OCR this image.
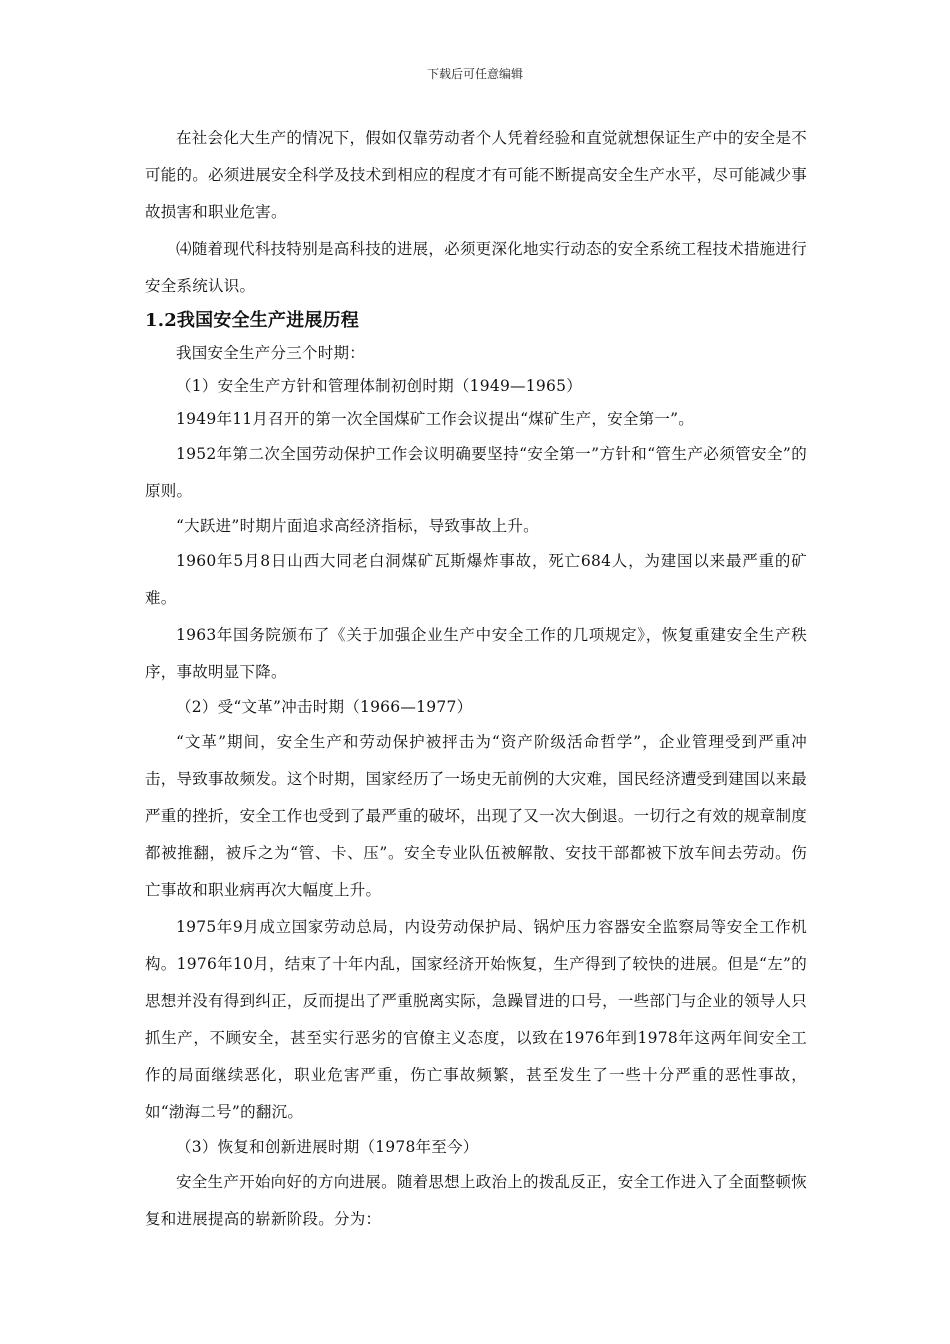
下载后可任意编辑

在社会化大生产的情况下，假如仅靠劳动者个人凭着经验和直觉就想保证生产中的安全是不可能的。必须进展安全科学及技术到相应的程度才有可能不断提高安全生产水平，尽可能减少事故损害和职业危害。

⑷随着现代科技特别是高科技的进展，必须更深化地实行动态的安全系统工程技术措施进行安全系统认识。

1.2我国安全生产进展历程

我国安全生产分三个时期：

（1）安全生产方针和管理体制初创时期（1949—1965）

1949年11月召开的第一次全国煤矿工作会议提出“煤矿生产，安全第一”。

1952年第二次全国劳动保护工作会议明确要坚持“安全第一”方针和“管生产必须管安全”的原则。

“大跃进”时期片面追求高经济指标，导致事故上升。

1960年5月8日山西大同老白洞煤矿瓦斯爆炸事故，死亡684人，为建国以来最严重的矿难。

1963年国务院颁布了《关于加强企业生产中安全工作的几项规定》，恢复重建安全生产秩序，事故明显下降。

（2）受“文革”冲击时期（1966—1977）

“文革”期间，安全生产和劳动保护被抨击为“资产阶级活命哲学”，企业管理受到严重冲击，导致事故频发。这个时期，国家经历了一场史无前例的大灾难，国民经济遭受到建国以来最严重的挫折，安全工作也受到了最严重的破坏，出现了又一次大倒退。一切行之有效的规章制度都被推翻，被斥之为“管、卡、压”。安全专业队伍被解散、安技干部都被下放车间去劳动。伤亡事故和职业病再次大幅度上升。

1975年9月成立国家劳动总局，内设劳动保护局、锅炉压力容器安全监察局等安全工作机构。1976年10月，结束了十年内乱，国家经济开始恢复，生产得到了较快的进展。但是“左”的思想并没有得到纠正，反而提出了严重脱离实际，急躁冒进的口号，一些部门与企业的领导人只抓生产，不顾安全，甚至实行恶劣的官僚主义态度，以致在1976年到1978年这两年间安全工作的局面继续恶化，职业危害严重，伤亡事故频繁，甚至发生了一些十分严重的恶性事故，如“渤海二号”的翻沉。

（3）恢复和创新进展时期（1978年至今）

安全生产开始向好的方向进展。随着思想上政治上的拨乱反正，安全工作进入了全面整顿恢复和进展提高的崭新阶段。分为：
